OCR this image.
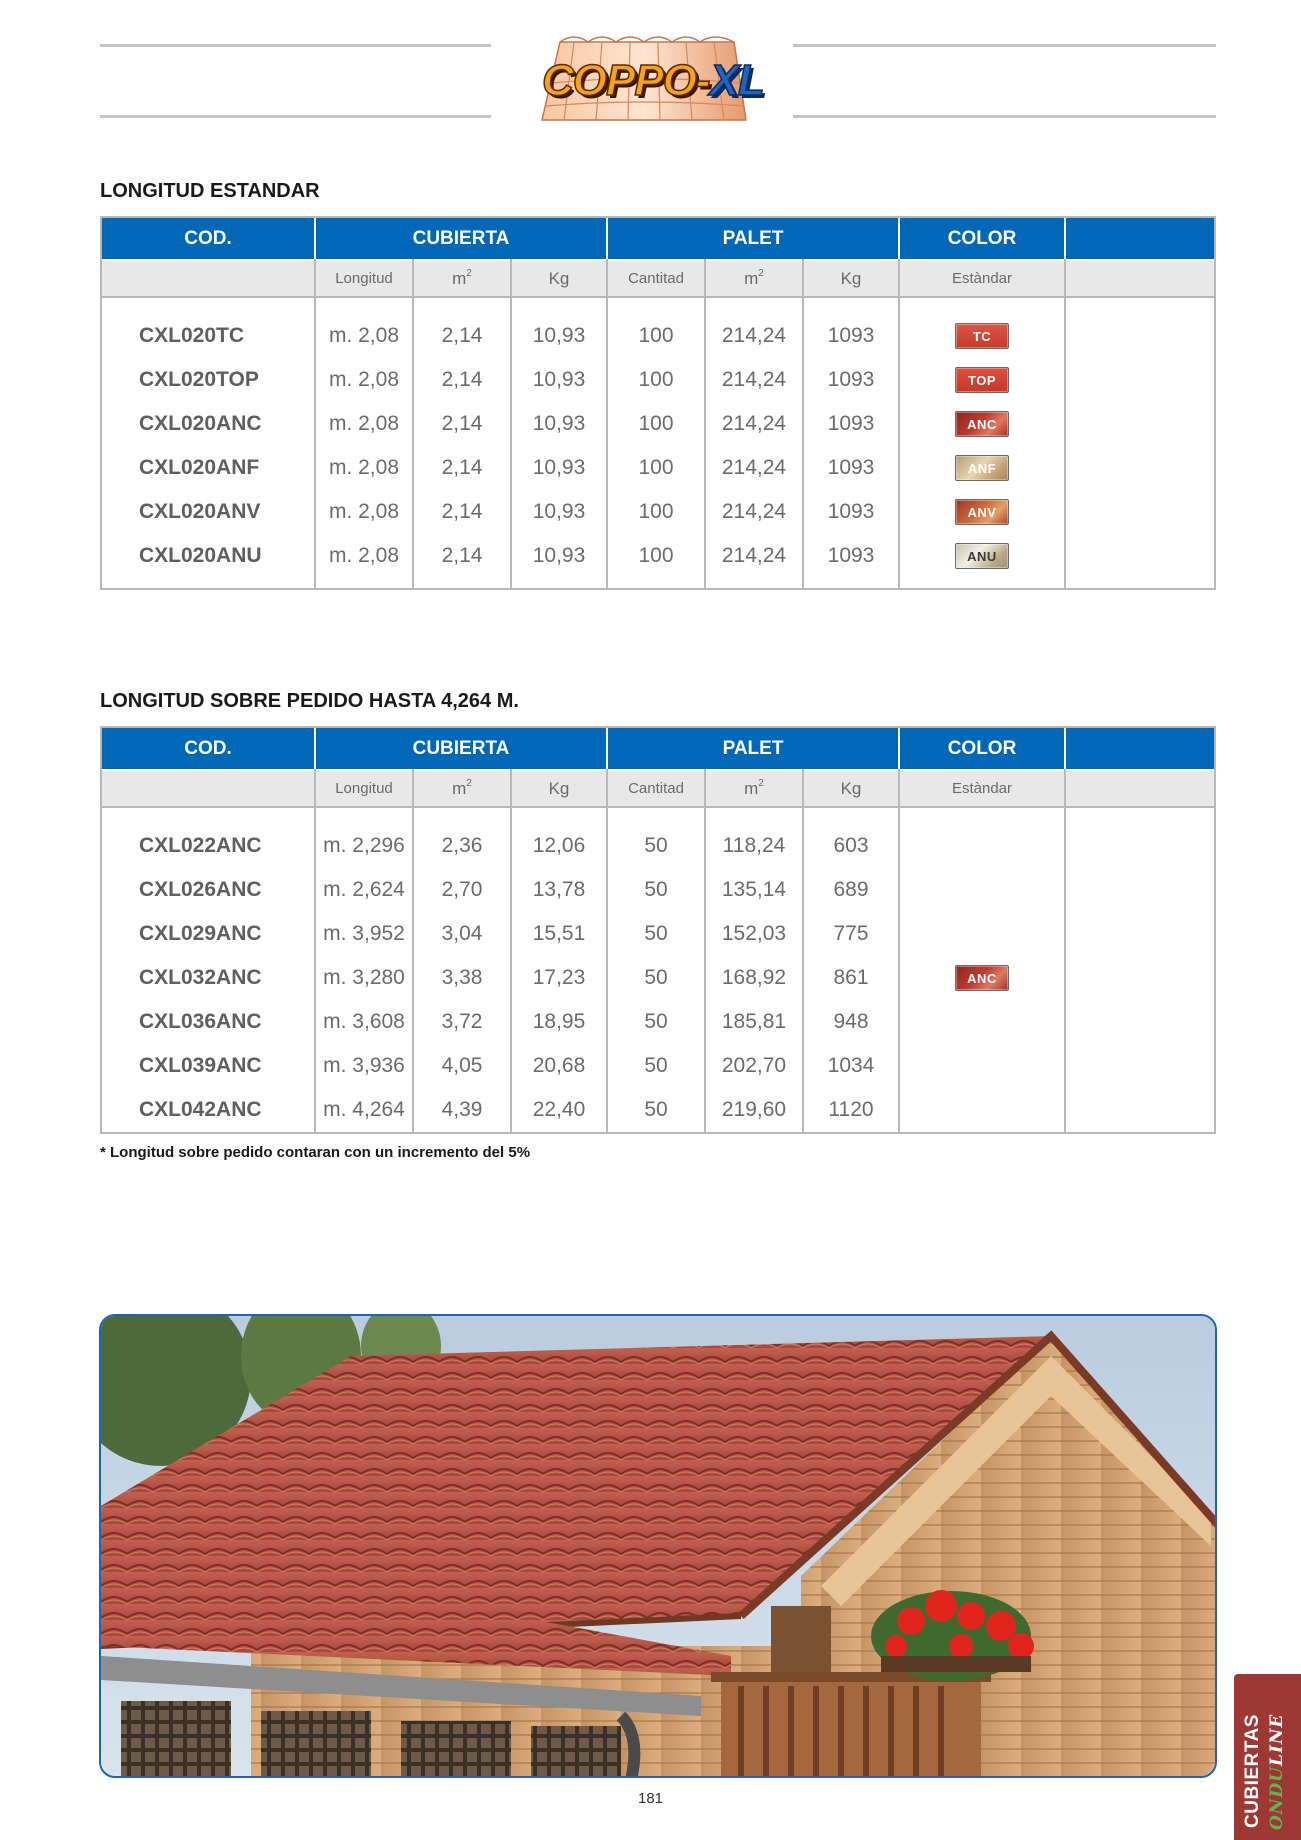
COPPO-XL
LONGITUD ESTANDAR
COD.	CUBIERTA	PALET	COLOR
Longitud	$m^2$	Kg	Cantitad	$m^2$	Kg	Estàndar
CXL020TC	m. 2,08	2,14	10,93	100	214,24	1093	TC
CXL020TOP	m. 2,08	2,14	10,93	100	214,24	1093	TOP
CXL020ANC	m. 2,08	2,14	10,93	100	214,24	1093	ANC
CXL020ANF	m. 2,08	2,14	10,93	100	214,24	1093	ANF
CXL020ANV	m. 2,08	2,14	10,93	100	214,24	1093	ANV
CXL020ANU	m. 2,08	2,14	10,93	100	214,24	1093	ANU
LONGITUD SOBRE PEDIDO HASTA 4,264 M.
COD.	CUBIERTA	PALET	COLOR
Longitud	$m^2$	Kg	Cantitad	$m^2$	Kg	Estàndar
CXL022ANC	m. 2,296	2,36	12,06	50	118,24	603
CXL026ANC	m. 2,624	2,70	13,78	50	135,14	689
CXL029ANC	m. 3,952	3,04	15,51	50	152,03	775
CXL032ANC	m. 3,280	3,38	17,23	50	168,92	861	ANC
CXL036ANC	m. 3,608	3,72	18,95	50	185,81	948
CXL039ANC	m. 3,936	4,05	20,68	50	202,70	1034
CXL042ANC	m. 4,264	4,39	22,40	50	219,60	1120
* Longitud sobre pedido contaran con un incremento del 5%
181	CUBIERTAS ONDULINE
